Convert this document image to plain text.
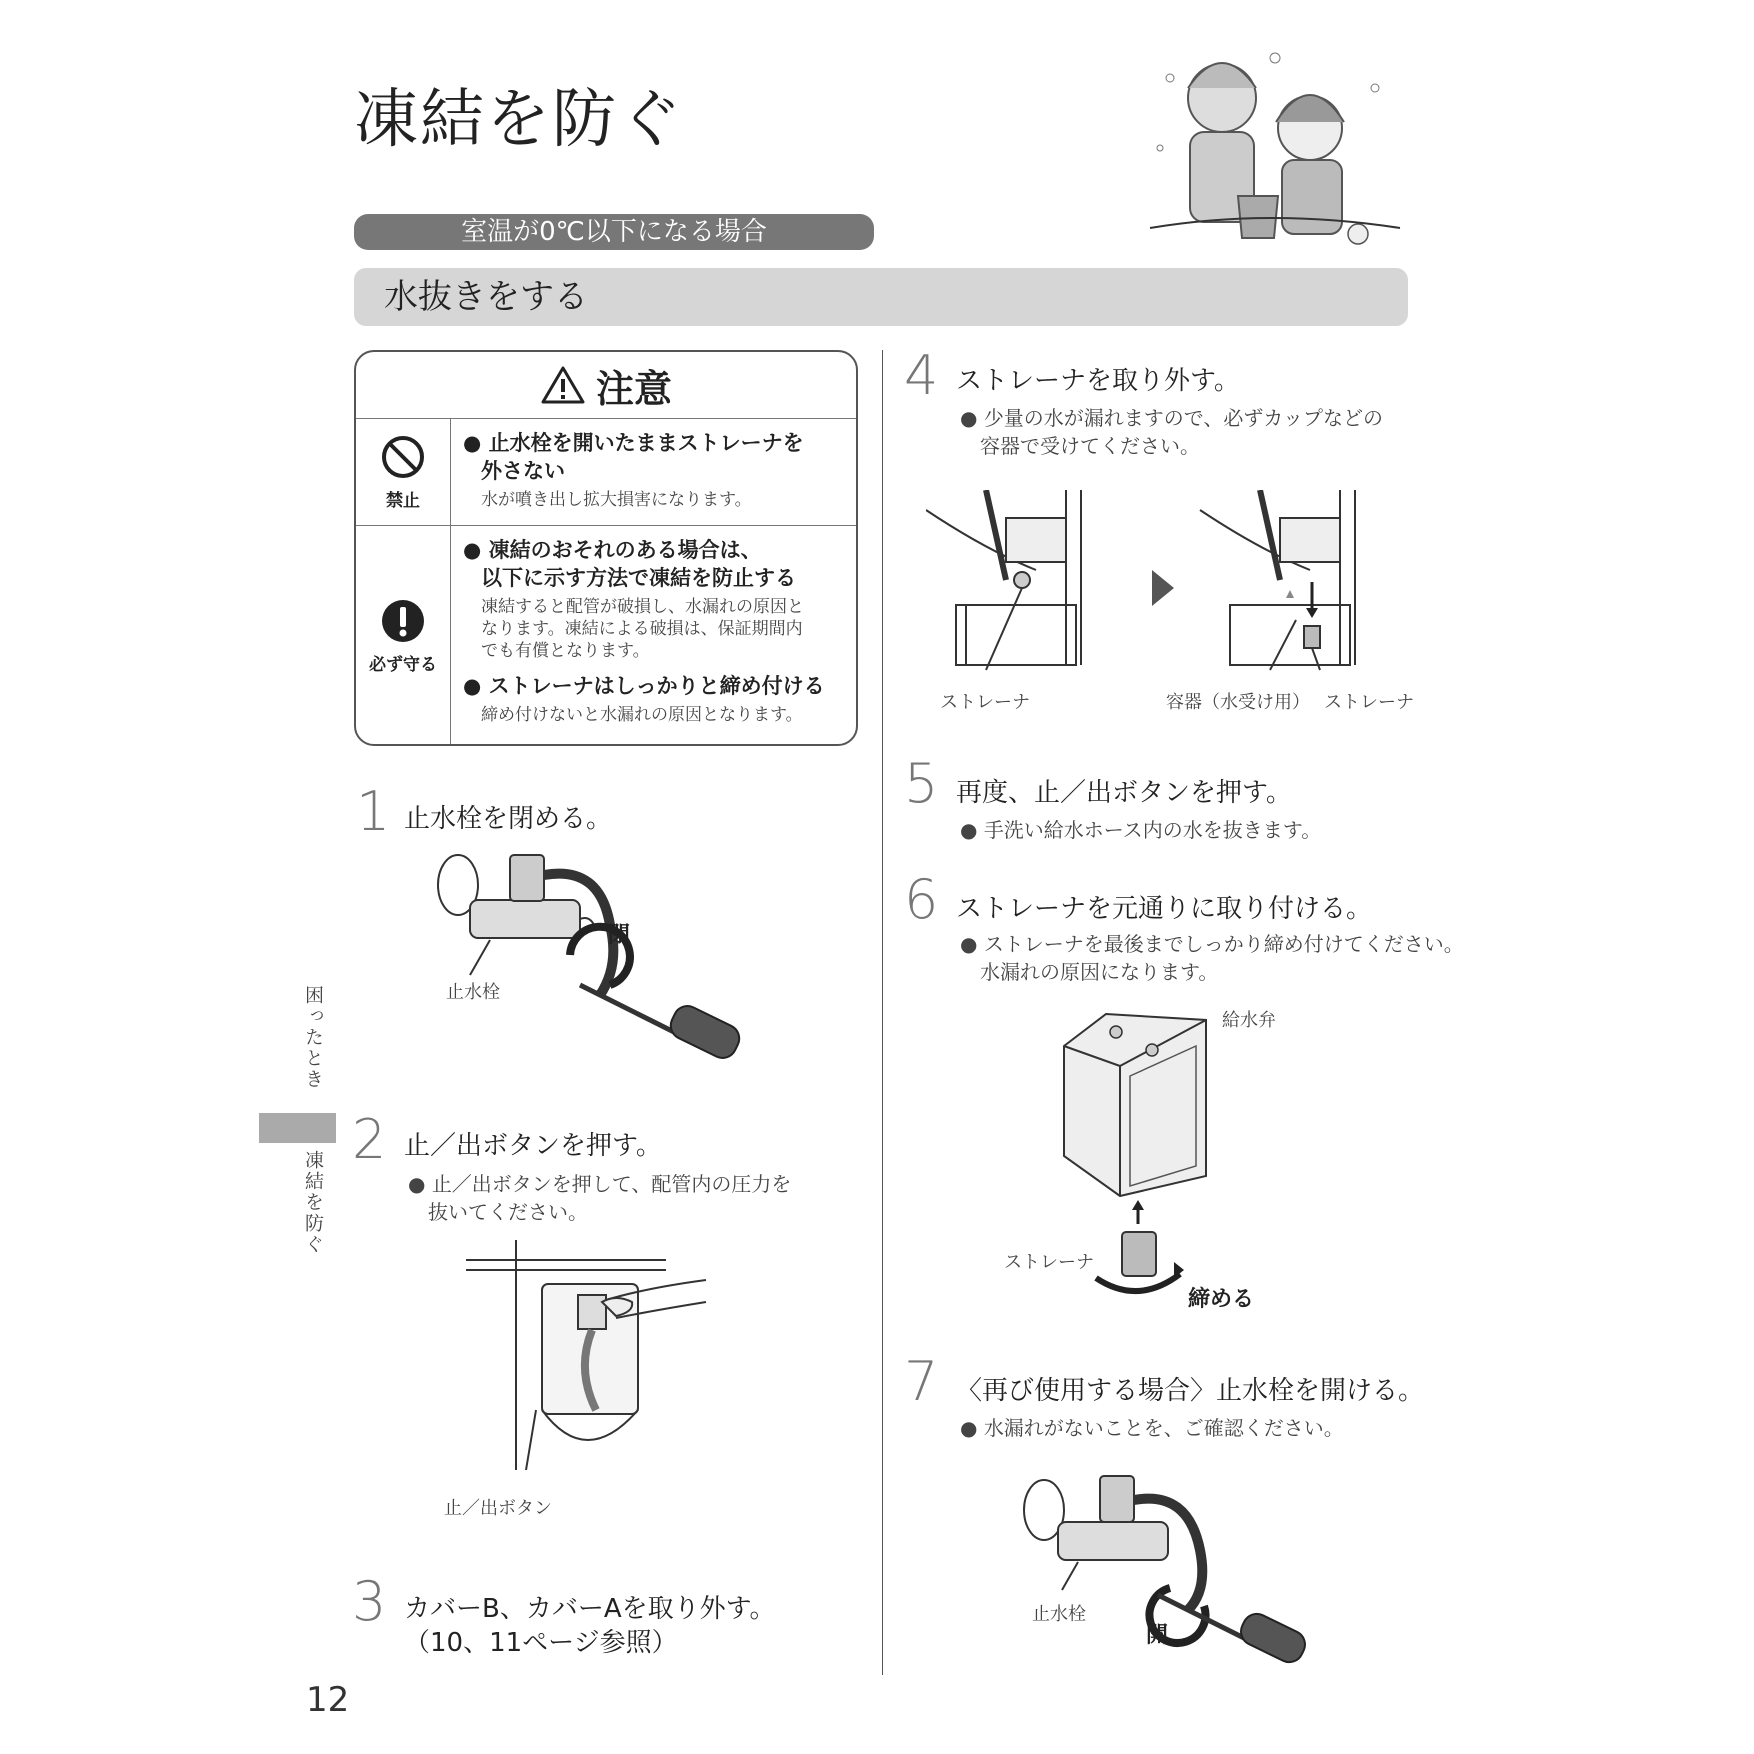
凍結を防ぐ
室温が0℃以下になる場合
水抜きをする
注意
禁止
● 止水栓を開いたままストレーナを
外さない
水が噴き出し拡大損害になります。
必ず守る
● 凍結のおそれのある場合は、
以下に示す方法で凍結を防止する
凍結すると配管が破損し、水漏れの原因と
なります。凍結による破損は、保証期間内
でも有償となります。
● ストレーナはしっかりと締め付ける
締め付けないと水漏れの原因となります。
1 止水栓を閉める。
止水栓
閉
困ったとき
凍結を防ぐ
2 止／出ボタンを押す。
● 止／出ボタンを押して、配管内の圧力を
抜いてください。
止／出ボタン
3 カバーB、カバーAを取り外す。
（10、11ページ参照）
4 ストレーナを取り外す。
● 少量の水が漏れますので、必ずカップなどの
容器で受けてください。
ストレーナ	容器（水受け用） ストレーナ
5 再度、止／出ボタンを押す。
● 手洗い給水ホース内の水を抜きます。
6 ストレーナを元通りに取り付ける。
● ストレーナを最後までしっかり締め付けてください。
水漏れの原因になります。
給水弁
ストレーナ
締める
7 〈再び使用する場合〉止水栓を開ける。
● 水漏れがないことを、ご確認ください。
止水栓
開
12
